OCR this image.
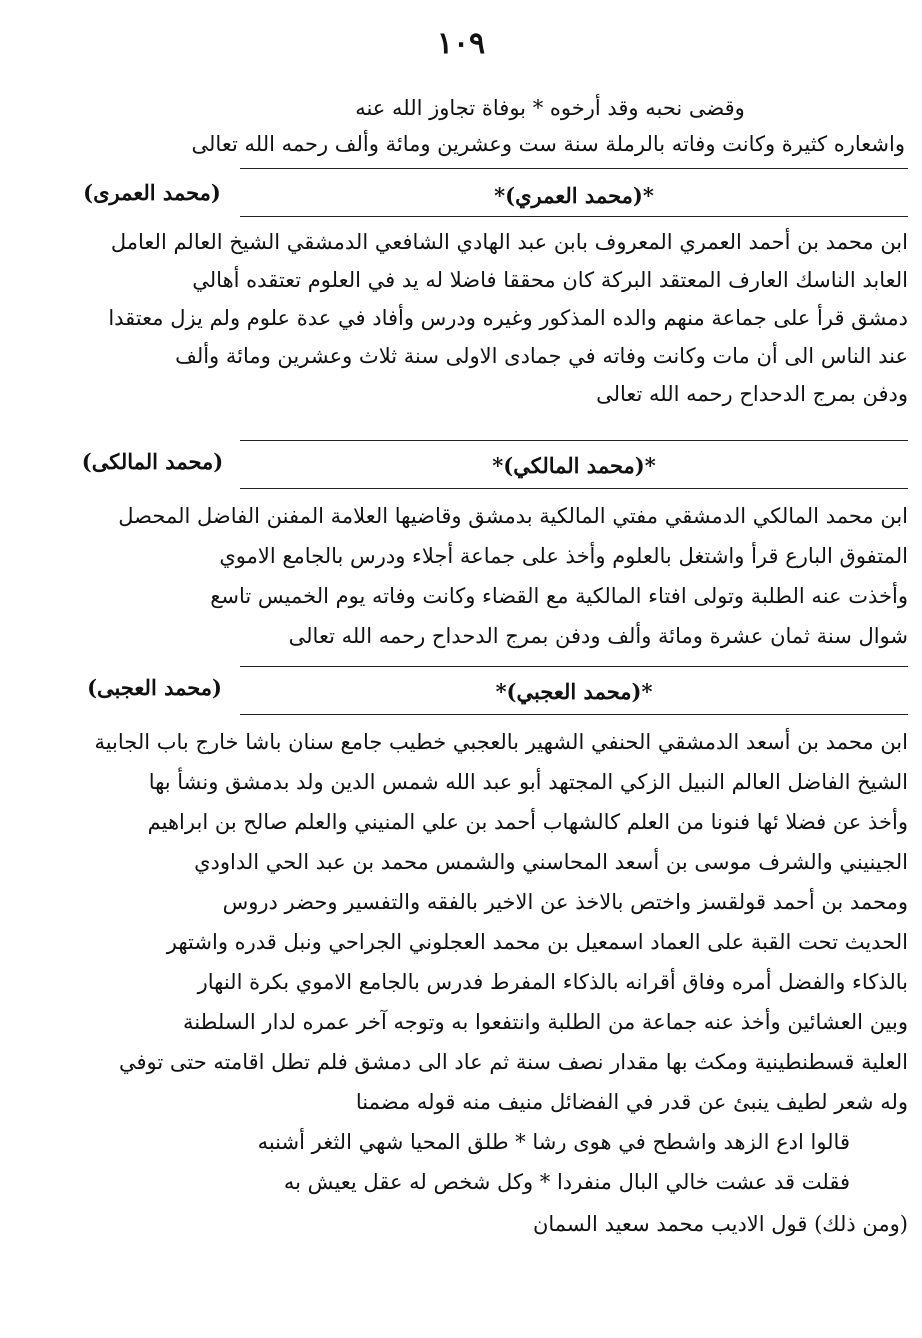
١٠٩
وقضى نحبه وقد أرخوه * بوفاة تجاوز الله عنه
واشعاره كثيرة وكانت وفاته بالرملة سنة ست وعشرين ومائة وألف رحمه الله تعالى
(محمد العمرى)	*(محمد العمري)*
ابن محمد بن أحمد العمري المعروف بابن عبد الهادي الشافعي الدمشقي الشيخ العالم العامل
العابد الناسك العارف المعتقد البركة كان محققا فاضلا له يد في العلوم تعتقده أهالي
دمشق قرأ على جماعة منهم والده المذكور وغيره ودرس وأفاد في عدة علوم ولم يزل معتقدا
عند الناس الى أن مات وكانت وفاته في جمادى الاولى سنة ثلاث وعشرين ومائة وألف
ودفن بمرج الدحداح رحمه الله تعالى
(محمد المالكى)	*(محمد المالكي)*
ابن محمد المالكي الدمشقي مفتي المالكية بدمشق وقاضيها العلامة المفنن الفاضل المحصل
المتفوق البارع قرأ واشتغل بالعلوم وأخذ على جماعة أجلاء ودرس بالجامع الاموي
وأخذت عنه الطلبة وتولى افتاء المالكية مع القضاء وكانت وفاته يوم الخميس تاسع
شوال سنة ثمان عشرة ومائة وألف ودفن بمرج الدحداح رحمه الله تعالى
(محمد العجبى)	*(محمد العجبي)*
ابن محمد بن أسعد الدمشقي الحنفي الشهير بالعجبي خطيب جامع سنان باشا خارج باب الجابية
الشيخ الفاضل العالم النبيل الزكي المجتهد أبو عبد الله شمس الدين ولد بدمشق ونشأ بها
وأخذ عن فضلا ئها فنونا من العلم كالشهاب أحمد بن علي المنيني والعلم صالح بن ابراهيم
الجينيني والشرف موسى بن أسعد المحاسني والشمس محمد بن عبد الحي الداودي
ومحمد بن أحمد قولقسز واختص بالاخذ عن الاخير بالفقه والتفسير وحضر دروس
الحديث تحت القبة على العماد اسمعيل بن محمد العجلوني الجراحي ونبل قدره واشتهر
بالذكاء والفضل أمره وفاق أقرانه بالذكاء المفرط فدرس بالجامع الاموي بكرة النهار
وبين العشائين وأخذ عنه جماعة من الطلبة وانتفعوا به وتوجه آخر عمره لدار السلطنة
العلية قسطنطينية ومكث بها مقدار نصف سنة ثم عاد الى دمشق فلم تطل اقامته حتى توفي
وله شعر لطيف ينبئ عن قدر في الفضائل منيف منه قوله مضمنا
قالوا ادع الزهد واشطح في هوى رشا * طلق المحيا شهي الثغر أشنبه
فقلت قد عشت خالي البال منفردا * وكل شخص له عقل يعيش به
(ومن ذلك) قول الاديب محمد سعيد السمان
